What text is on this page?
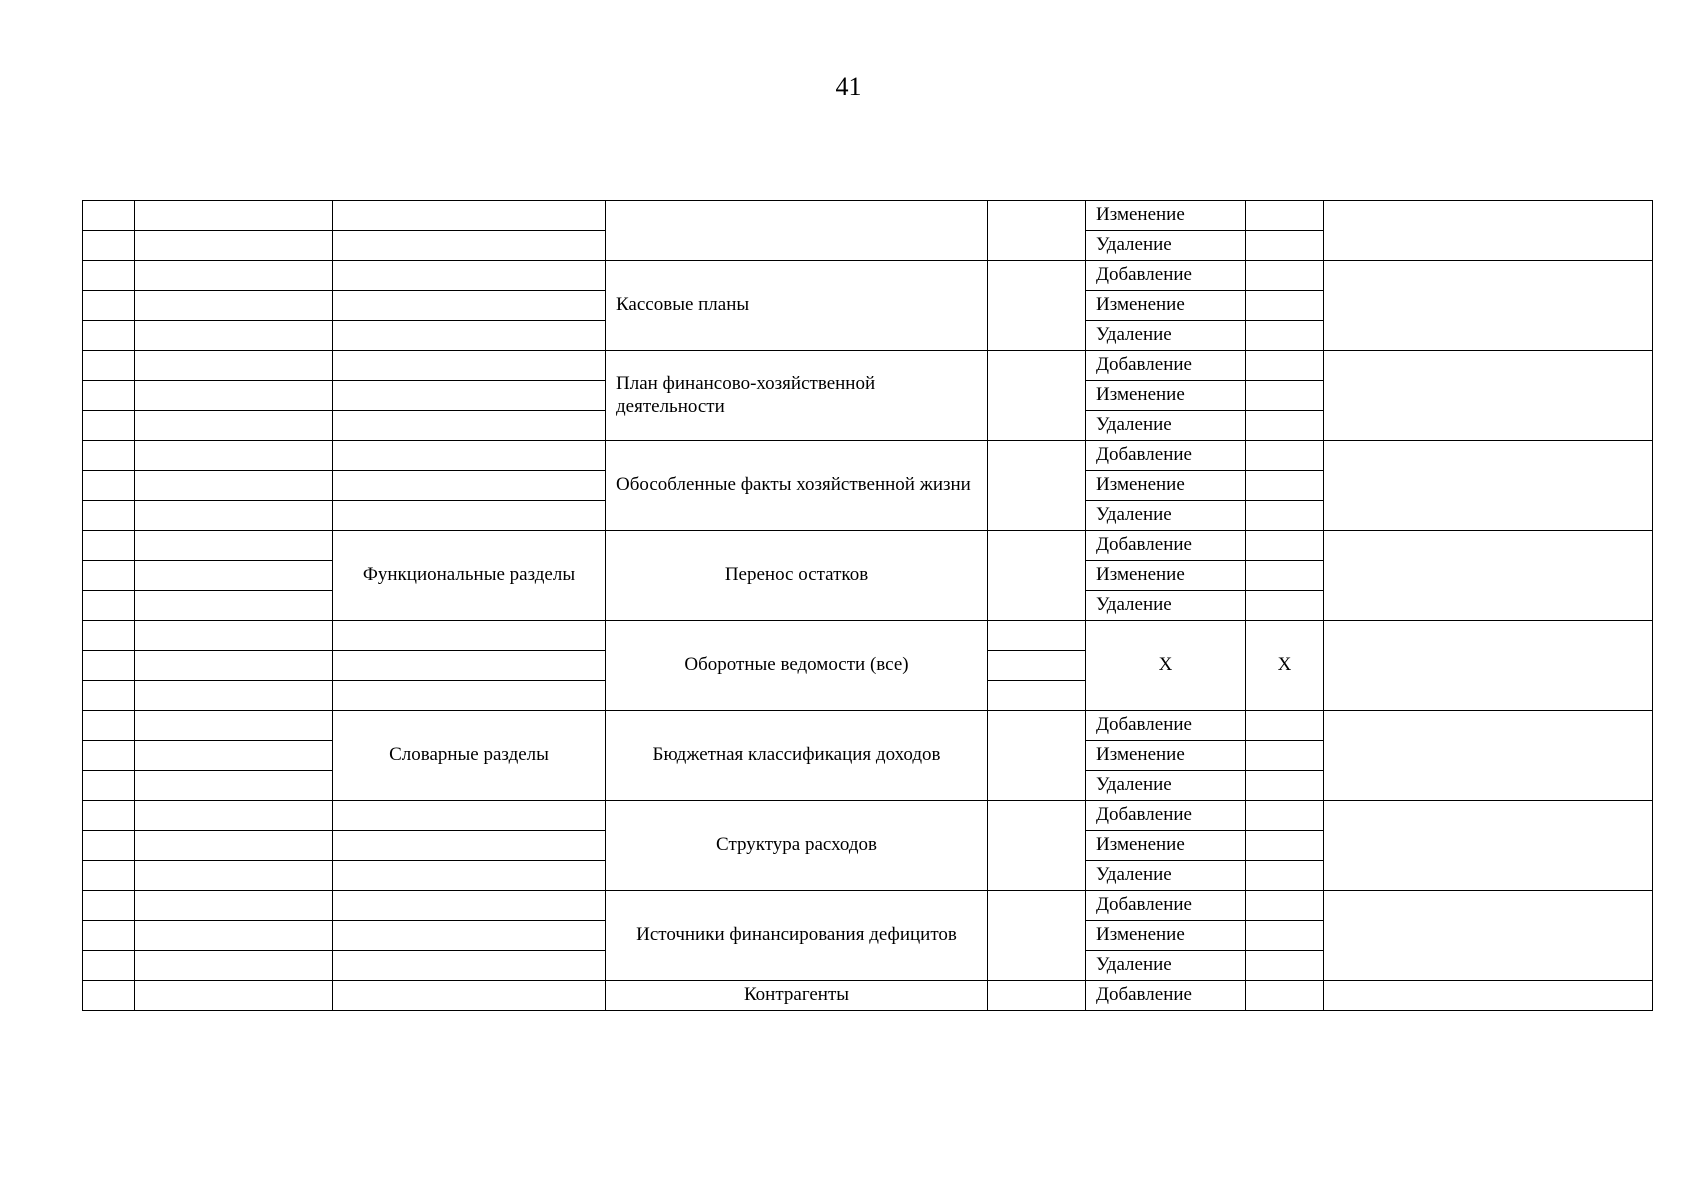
41
					Изменение		
					Удаление		
			Кассовые планы		Добавление		
					Изменение		
					Удаление		
			План финансово-хозяйственной деятельности		Добавление		
					Изменение		
					Удаление		
			Обособленные факты хозяйственной жизни		Добавление		
					Изменение		
					Удаление		
		Функциональные разделы	Перенос остатков		Добавление		
					Изменение		
					Удаление		
			Оборотные ведомости (все)		X	X	

		Словарные разделы	Бюджетная классификация доходов		Добавление		
					Изменение		
					Удаление		
			Структура расходов		Добавление		
					Изменение		
					Удаление		
			Источники финансирования дефицитов		Добавление		
					Изменение		
					Удаление		
			Контрагенты		Добавление		
